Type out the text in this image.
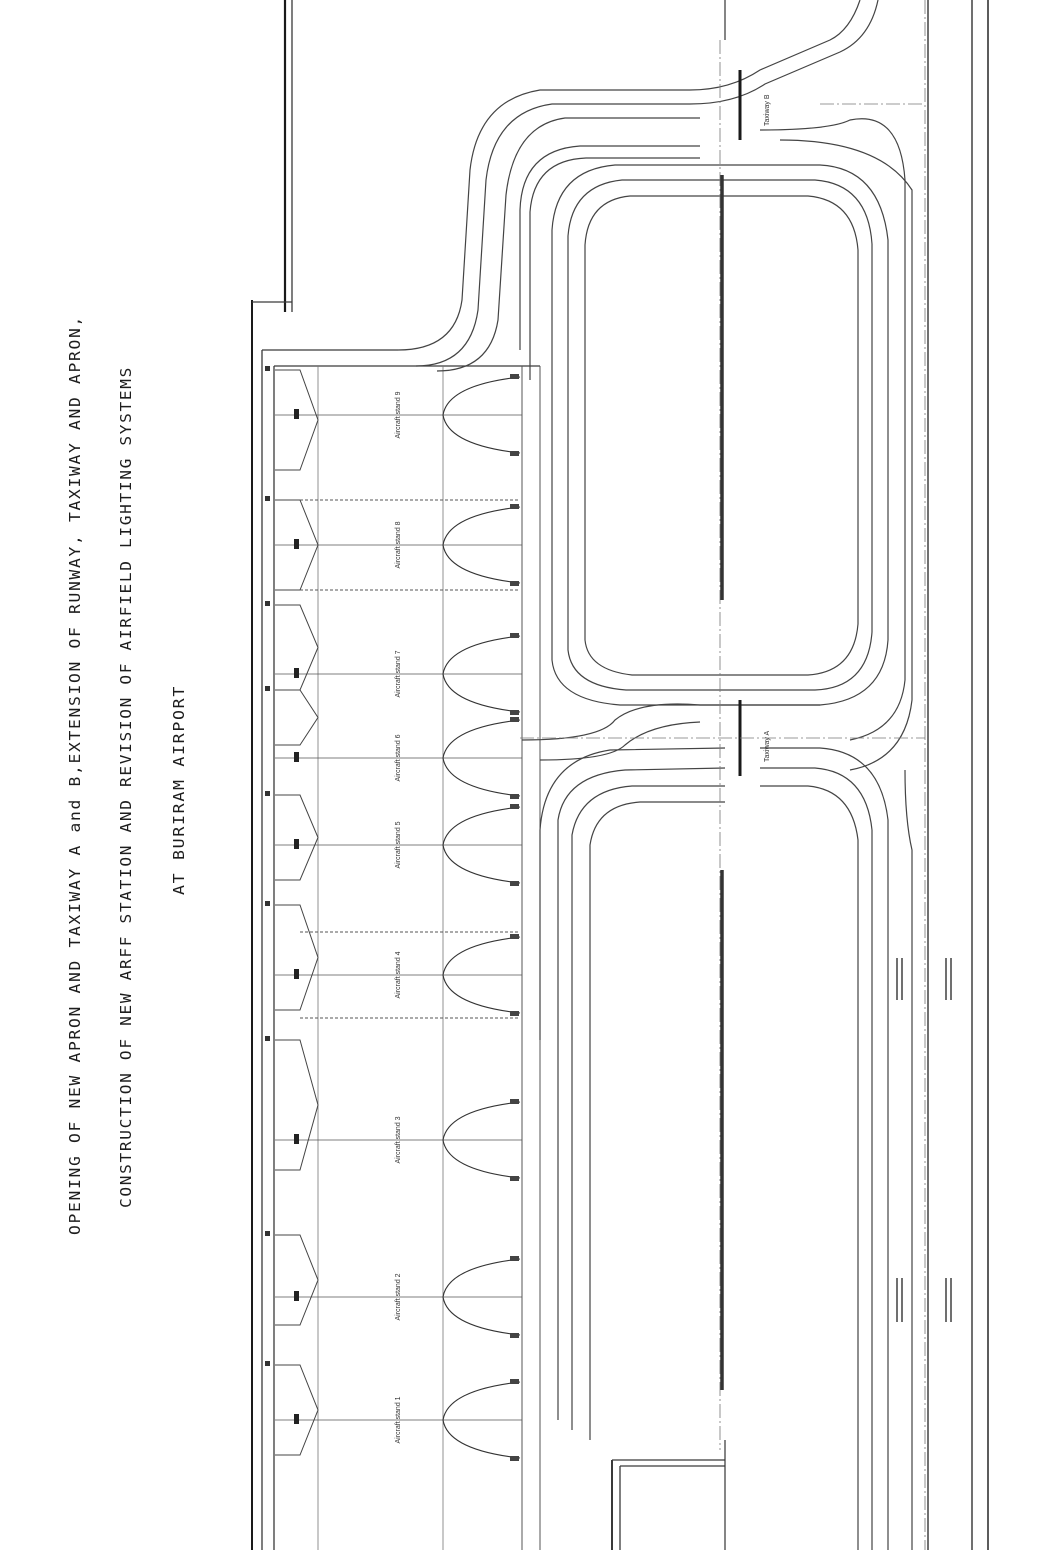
OPENING OF NEW APRON AND TAXIWAY A and B,EXTENSION OF RUNWAY, TAXIWAY AND APRON, CONSTRUCTION OF NEW ARFF STATION AND REVISION OF AIRFIELD LIGHTING SYSTEMS AT BURIRAM AIRPORT
Aircraft stand 1
Aircraft stand 2
Aircraft stand 3
Aircraft stand 4
Aircraft stand 5
Aircraft stand 6
Aircraft stand 7
Aircraft stand 8
Aircraft stand 9
Taxiway A
Taxiway B
